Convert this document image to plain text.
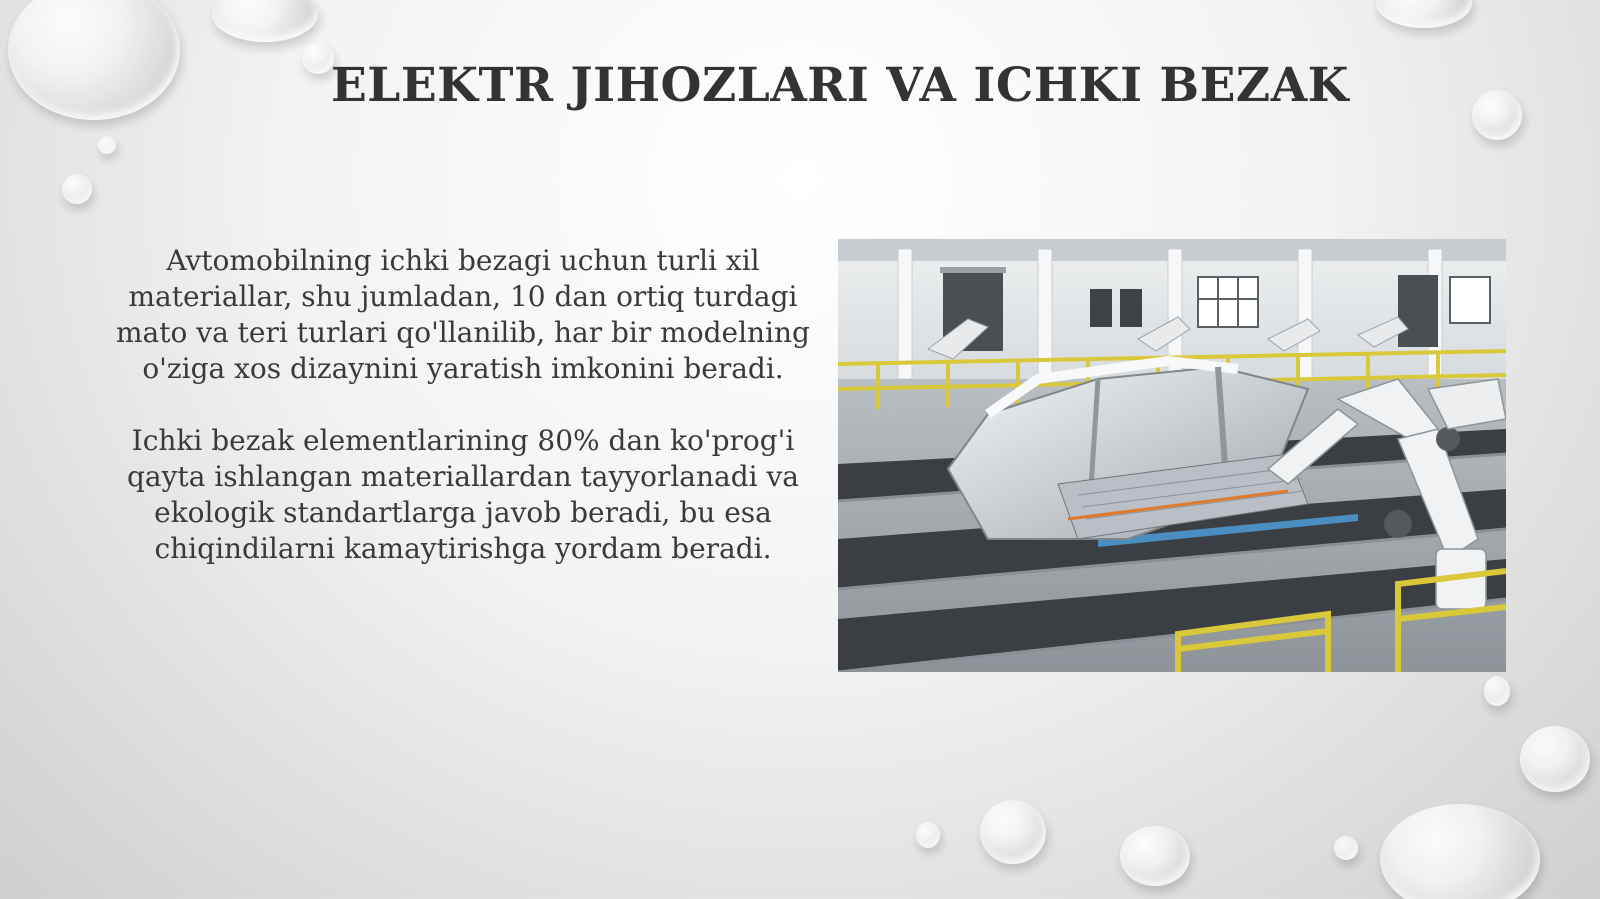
ELEKTR JIHOZLARI VA ICHKI BEZAK

Avtomobilning ichki bezagi uchun turli xil materiallar, shu jumladan, 10 dan ortiq turdagi mato va teri turlari qo'llanilib, har bir modelning o'ziga xos dizaynini yaratish imkonini beradi.

Ichki bezak elementlarining 80% dan ko'prog'i qayta ishlangan materiallardan tayyorlanadi va ekologik standartlarga javob beradi, bu esa chiqindilarni kamaytirishga yordam beradi.
